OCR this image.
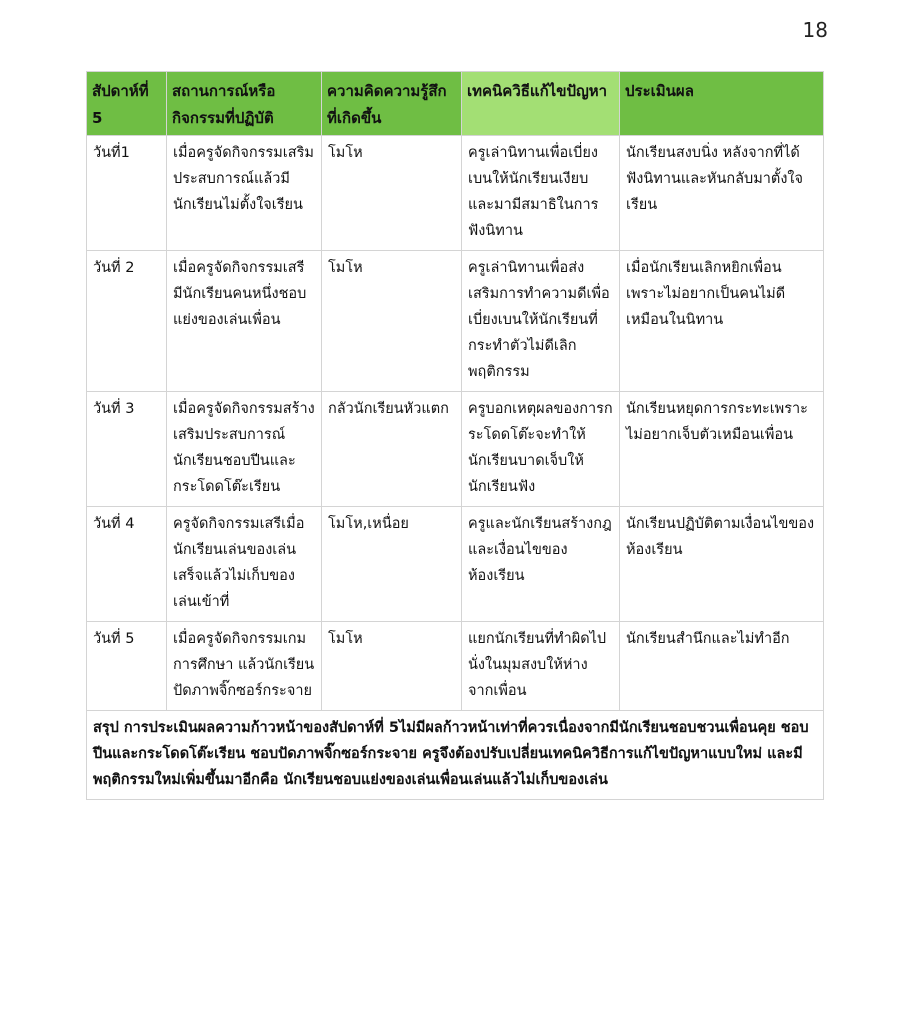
18
สัปดาห์ที่ 5	สถานการณ์หรือกิจกรรมที่ปฏิบัติ	ความคิดความรู้สึกที่เกิดขึ้น	เทคนิควิธีแก้ไขปัญหา	ประเมินผล
วันที่1	เมื่อครูจัดกิจกรรมเสริมประสบการณ์แล้วมีนักเรียนไม่ตั้งใจเรียน	โมโห	ครูเล่านิทานเพื่อเบี่ยงเบนให้นักเรียนเงียบและมามีสมาธิในการฟังนิทาน	นักเรียนสงบนิ่ง หลังจากที่ได้ฟังนิทานและหันกลับมาตั้งใจเรียน
วันที่ 2	เมื่อครูจัดกิจกรรมเสรี มีนักเรียนคนหนึ่งชอบแย่งของเล่นเพื่อน	โมโห	ครูเล่านิทานเพื่อส่งเสริมการทำความดีเพื่อเบี่ยงเบนให้นักเรียนที่กระทำตัวไม่ดีเลิกพฤติกรรม	เมื่อนักเรียนเลิกหยิกเพื่อนเพราะไม่อยากเป็นคนไม่ดีเหมือนในนิทาน
วันที่ 3	เมื่อครูจัดกิจกรรมสร้างเสริมประสบการณ์ นักเรียนชอบปีนและกระโดดโต๊ะเรียน	กลัวนักเรียนหัวแตก	ครูบอกเหตุผลของการกระโดดโต๊ะจะทำให้นักเรียนบาดเจ็บให้นักเรียนฟัง	นักเรียนหยุดการกระทะเพราะไม่อยากเจ็บตัวเหมือนเพื่อน
วันที่ 4	ครูจัดกิจกรรมเสรีเมื่อนักเรียนเล่นของเล่นเสร็จแล้วไม่เก็บของเล่นเข้าที่	โมโห,เหนื่อย	ครูและนักเรียนสร้างกฎและเงื่อนไขของห้องเรียน	นักเรียนปฏิบัติตามเงื่อนไขของห้องเรียน
วันที่ 5	เมื่อครูจัดกิจกรรมเกมการศึกษา แล้วนักเรียนปัดภาพจิ๊กซอร์กระจาย	โมโห	แยกนักเรียนที่ทำผิดไปนั่งในมุมสงบให้ห่างจากเพื่อน	นักเรียนสำนึกและไม่ทำอีก
สรุป การประเมินผลความก้าวหน้าของสัปดาห์ที่ 5ไม่มีผลก้าวหน้าเท่าที่ควรเนื่องจากมีนักเรียนชอบชวนเพื่อนคุย ชอบปีนและกระโดดโต๊ะเรียน ชอบปัดภาพจิ๊กซอร์กระจาย ครูจึงต้องปรับเปลี่ยนเทคนิควิธีการแก้ไขปัญหาแบบใหม่ และมีพฤติกรรมใหม่เพิ่มขึ้นมาอีกคือ นักเรียนชอบแย่งของเล่นเพื่อนเล่นแล้วไม่เก็บของเล่น				
